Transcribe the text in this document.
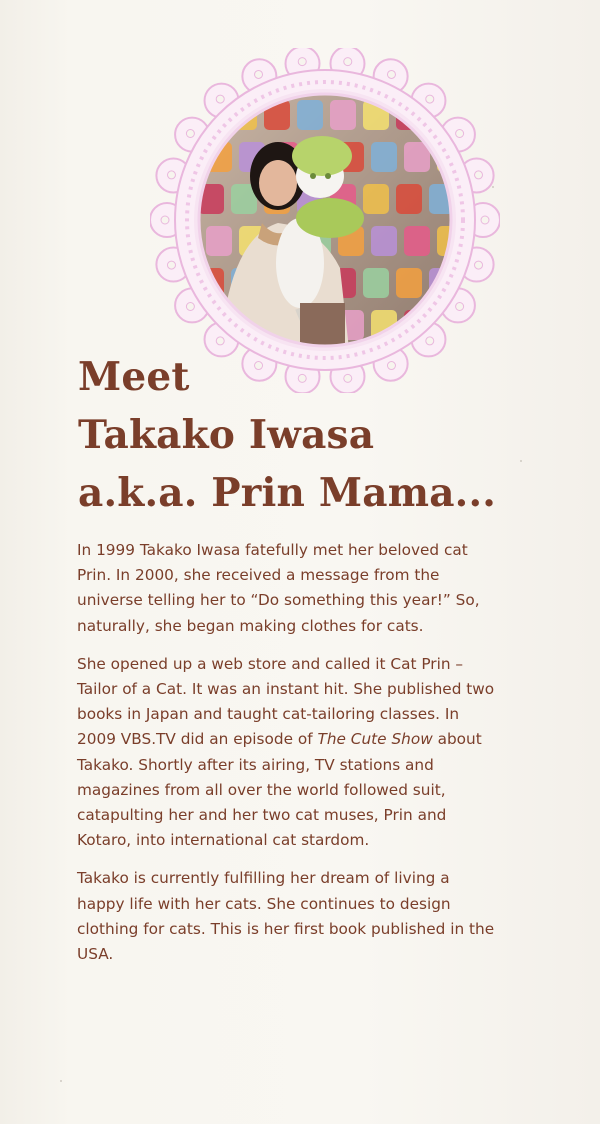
Meet
Takako Iwasa
a.k.a. Prin Mama...

In 1999 Takako Iwasa fatefully met her beloved cat Prin. In 2000, she received a message from the universe telling her to “Do something this year!” So, naturally, she began making clothes for cats.

She opened up a web store and called it Cat Prin – Tailor of a Cat. It was an instant hit. She published two books in Japan and taught cat-tailoring classes. In 2009 VBS.TV did an episode of The Cute Show about Takako. Shortly after its airing, TV stations and magazines from all over the world followed suit, catapulting her and her two cat muses, Prin and Kotaro, into international cat stardom.

Takako is currently fulfilling her dream of living a happy life with her cats. She continues to design clothing for cats. This is her first book published in the USA.
